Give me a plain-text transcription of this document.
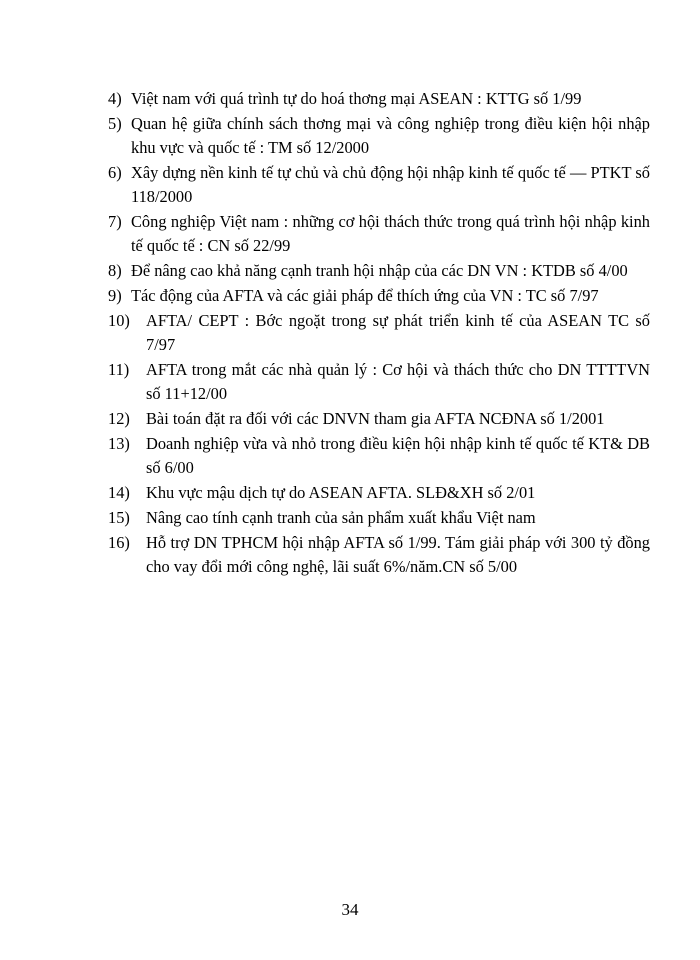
4) Việt nam với quá trình tự do hoá thơng mại ASEAN : KTTG số 1/99
5) Quan hệ giữa chính sách thơng mại và công nghiệp trong điều kiện hội nhập khu vực và quốc tế : TM số 12/2000
6) Xây dựng nền kinh tế tự chủ và chủ động hội nhập kinh tế quốc tế — PTKT số 118/2000
7) Công nghiệp Việt nam : những cơ hội thách thức trong quá trình hội nhập kinh tế quốc tế : CN số 22/99
8) Để nâng cao khả năng cạnh tranh hội nhập của các DN VN : KTDB số 4/00
9) Tác động của AFTA và các giải pháp để thích ứng của VN : TC số 7/97
10) AFTA/ CEPT : Bớc ngoặt trong sự phát triển kinh tế của ASEAN TC số 7/97
11) AFTA trong mắt các nhà quản lý : Cơ hội và thách thức cho DN TTTTVN số 11+12/00
12) Bài toán đặt ra đối với các DNVN tham gia AFTA NCĐNA số 1/2001
13) Doanh nghiệp vừa và nhỏ trong điều kiện hội nhập kinh tế quốc tế KT& DB số 6/00
14) Khu vực mậu dịch tự do ASEAN AFTA. SLĐ&XH số 2/01
15) Nâng cao tính cạnh tranh của sản phẩm xuất khẩu Việt nam
16) Hỗ trợ DN TPHCM hội nhập AFTA số 1/99. Tám giải pháp với 300 tỷ đồng cho vay đổi mới công nghệ, lãi suất 6%/năm.CN số 5/00
34
